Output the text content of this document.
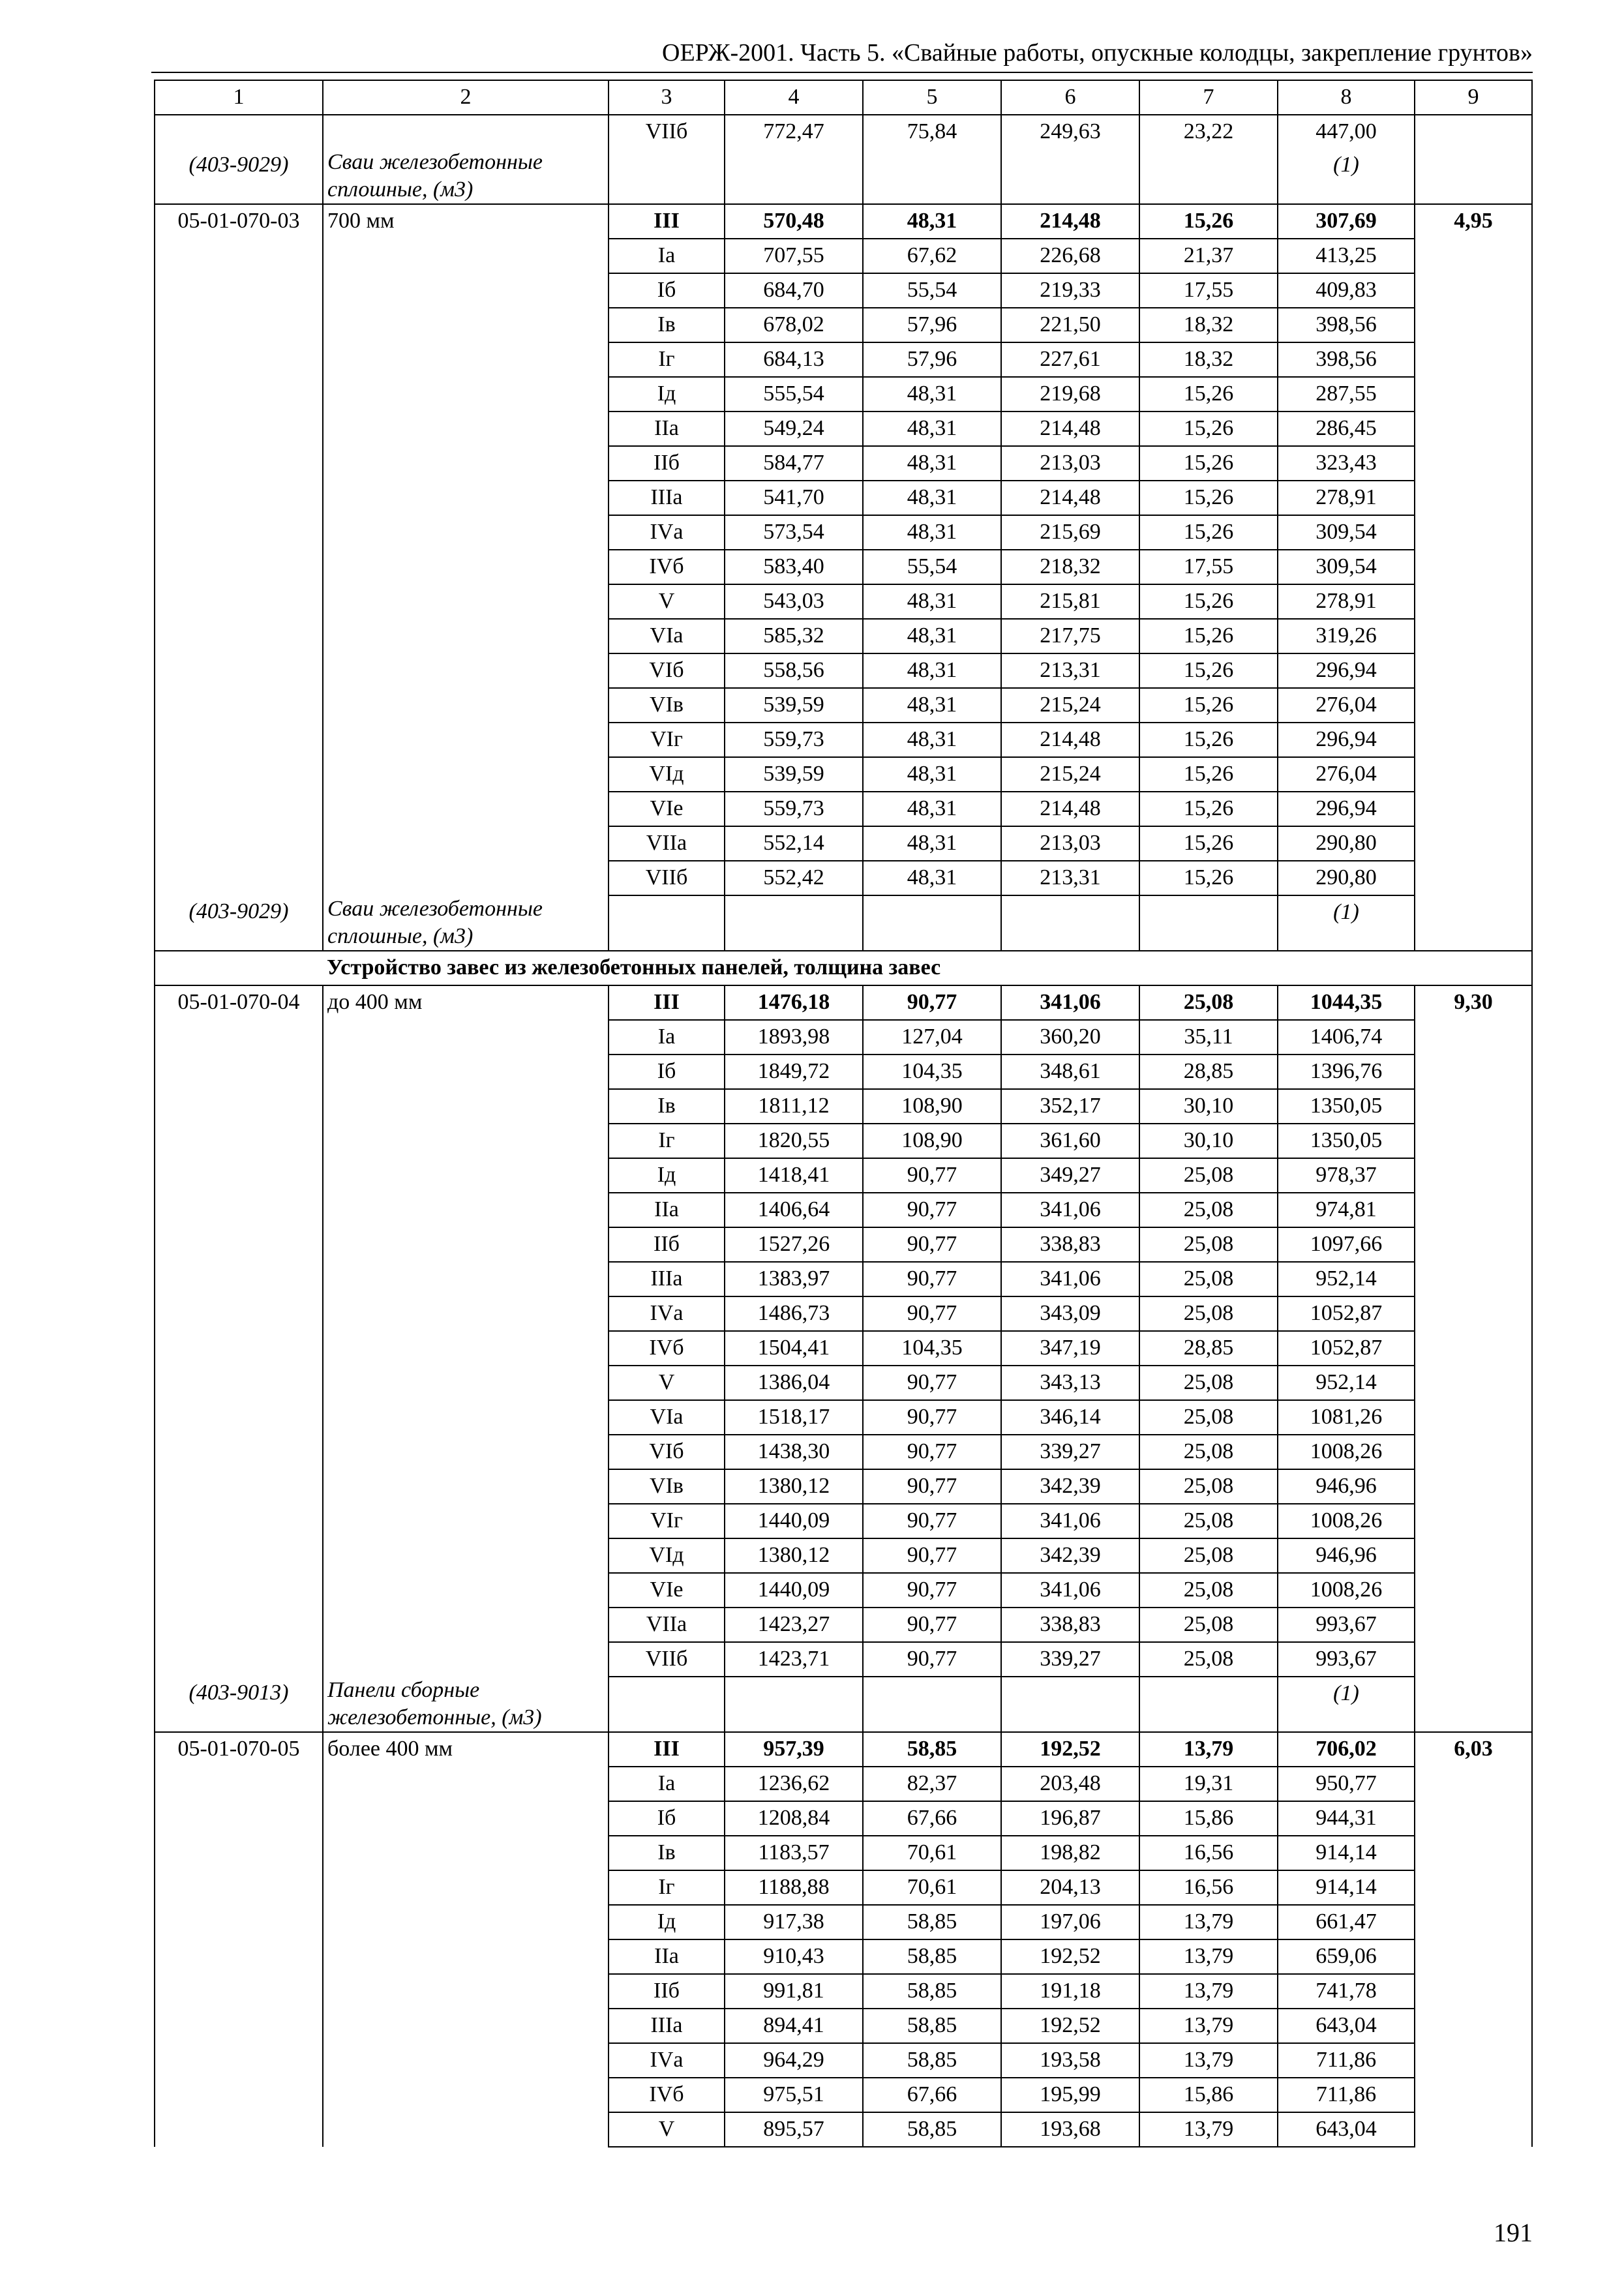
ОЕРЖ-2001. Часть 5. «Свайные работы, опускные колодцы, закрепление грунтов»
1	2	3	4	5	6	7	8	9
		VIIб	772,47	75,84	249,63	23,22	447,00	
(403-9029)	Сваи железобетонные сплошные, (м3)						(1)	
05-01-070-03	700 мм	III	570,48	48,31	214,48	15,26	307,69	4,95
		Iа	707,55	67,62	226,68	21,37	413,25	
		Iб	684,70	55,54	219,33	17,55	409,83	
		Iв	678,02	57,96	221,50	18,32	398,56	
		Iг	684,13	57,96	227,61	18,32	398,56	
		Iд	555,54	48,31	219,68	15,26	287,55	
		IIа	549,24	48,31	214,48	15,26	286,45	
		IIб	584,77	48,31	213,03	15,26	323,43	
		IIIа	541,70	48,31	214,48	15,26	278,91	
		IVа	573,54	48,31	215,69	15,26	309,54	
		IVб	583,40	55,54	218,32	17,55	309,54	
		V	543,03	48,31	215,81	15,26	278,91	
		VIа	585,32	48,31	217,75	15,26	319,26	
		VIб	558,56	48,31	213,31	15,26	296,94	
		VIв	539,59	48,31	215,24	15,26	276,04	
		VIг	559,73	48,31	214,48	15,26	296,94	
		VIд	539,59	48,31	215,24	15,26	276,04	
		VIе	559,73	48,31	214,48	15,26	296,94	
		VIIа	552,14	48,31	213,03	15,26	290,80	
		VIIб	552,42	48,31	213,31	15,26	290,80	
(403-9029)	Сваи железобетонные сплошные, (м3)						(1)	
	Устройство завес из железобетонных панелей, толщина завес							
05-01-070-04	до 400 мм	III	1476,18	90,77	341,06	25,08	1044,35	9,30
		Iа	1893,98	127,04	360,20	35,11	1406,74	
		Iб	1849,72	104,35	348,61	28,85	1396,76	
		Iв	1811,12	108,90	352,17	30,10	1350,05	
		Iг	1820,55	108,90	361,60	30,10	1350,05	
		Iд	1418,41	90,77	349,27	25,08	978,37	
		IIа	1406,64	90,77	341,06	25,08	974,81	
		IIб	1527,26	90,77	338,83	25,08	1097,66	
		IIIа	1383,97	90,77	341,06	25,08	952,14	
		IVа	1486,73	90,77	343,09	25,08	1052,87	
		IVб	1504,41	104,35	347,19	28,85	1052,87	
		V	1386,04	90,77	343,13	25,08	952,14	
		VIа	1518,17	90,77	346,14	25,08	1081,26	
		VIб	1438,30	90,77	339,27	25,08	1008,26	
		VIв	1380,12	90,77	342,39	25,08	946,96	
		VIг	1440,09	90,77	341,06	25,08	1008,26	
		VIд	1380,12	90,77	342,39	25,08	946,96	
		VIе	1440,09	90,77	341,06	25,08	1008,26	
		VIIа	1423,27	90,77	338,83	25,08	993,67	
		VIIб	1423,71	90,77	339,27	25,08	993,67	
(403-9013)	Панели сборные железобетонные, (м3)						(1)	
05-01-070-05	более 400 мм	III	957,39	58,85	192,52	13,79	706,02	6,03
		Iа	1236,62	82,37	203,48	19,31	950,77	
		Iб	1208,84	67,66	196,87	15,86	944,31	
		Iв	1183,57	70,61	198,82	16,56	914,14	
		Iг	1188,88	70,61	204,13	16,56	914,14	
		Iд	917,38	58,85	197,06	13,79	661,47	
		IIа	910,43	58,85	192,52	13,79	659,06	
		IIб	991,81	58,85	191,18	13,79	741,78	
		IIIа	894,41	58,85	192,52	13,79	643,04	
		IVа	964,29	58,85	193,58	13,79	711,86	
		IVб	975,51	67,66	195,99	15,86	711,86	
		V	895,57	58,85	193,68	13,79	643,04	
191
